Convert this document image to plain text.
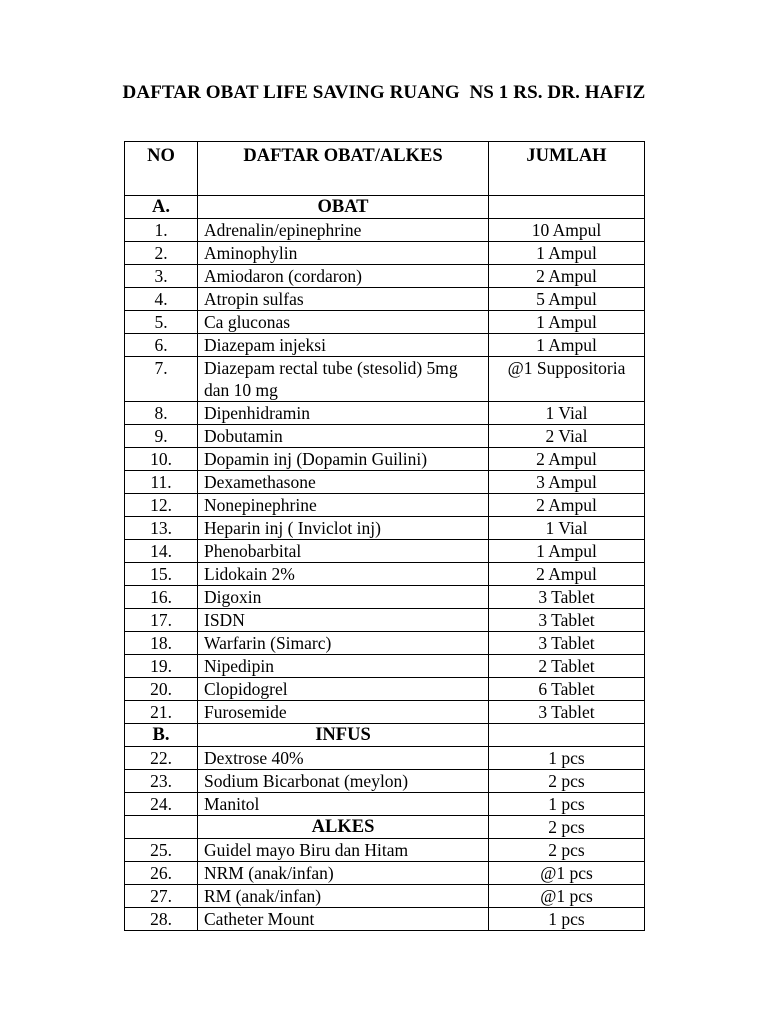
DAFTAR OBAT LIFE SAVING RUANG  NS 1 RS. DR. HAFIZ
NO	DAFTAR OBAT/ALKES	JUMLAH
A.	OBAT	
1.	Adrenalin/epinephrine	10 Ampul
2.	Aminophylin	1 Ampul
3.	Amiodaron (cordaron)	2 Ampul
4.	Atropin sulfas	5 Ampul
5.	Ca gluconas	1 Ampul
6.	Diazepam injeksi	1 Ampul
7.	Diazepam rectal tube (stesolid) 5mg dan 10 mg	@1 Suppositoria
8.	Dipenhidramin	1 Vial
9.	Dobutamin	2 Vial
10.	Dopamin inj (Dopamin Guilini)	2 Ampul
11.	Dexamethasone	3 Ampul
12.	Nonepinephrine	2 Ampul
13.	Heparin inj ( Inviclot inj)	1 Vial
14.	Phenobarbital	1 Ampul
15.	Lidokain 2%	2 Ampul
16.	Digoxin	3 Tablet
17.	ISDN	3 Tablet
18.	Warfarin (Simarc)	3 Tablet
19.	Nipedipin	2 Tablet
20.	Clopidogrel	6 Tablet
21.	Furosemide	3 Tablet
B.	INFUS	
22.	Dextrose 40%	1 pcs
23.	Sodium Bicarbonat (meylon)	2 pcs
24.	Manitol	1 pcs
	ALKES	2 pcs
25.	Guidel mayo Biru dan Hitam	2 pcs
26.	NRM (anak/infan)	@1 pcs
27.	RM (anak/infan)	@1 pcs
28.	Catheter Mount	1 pcs
